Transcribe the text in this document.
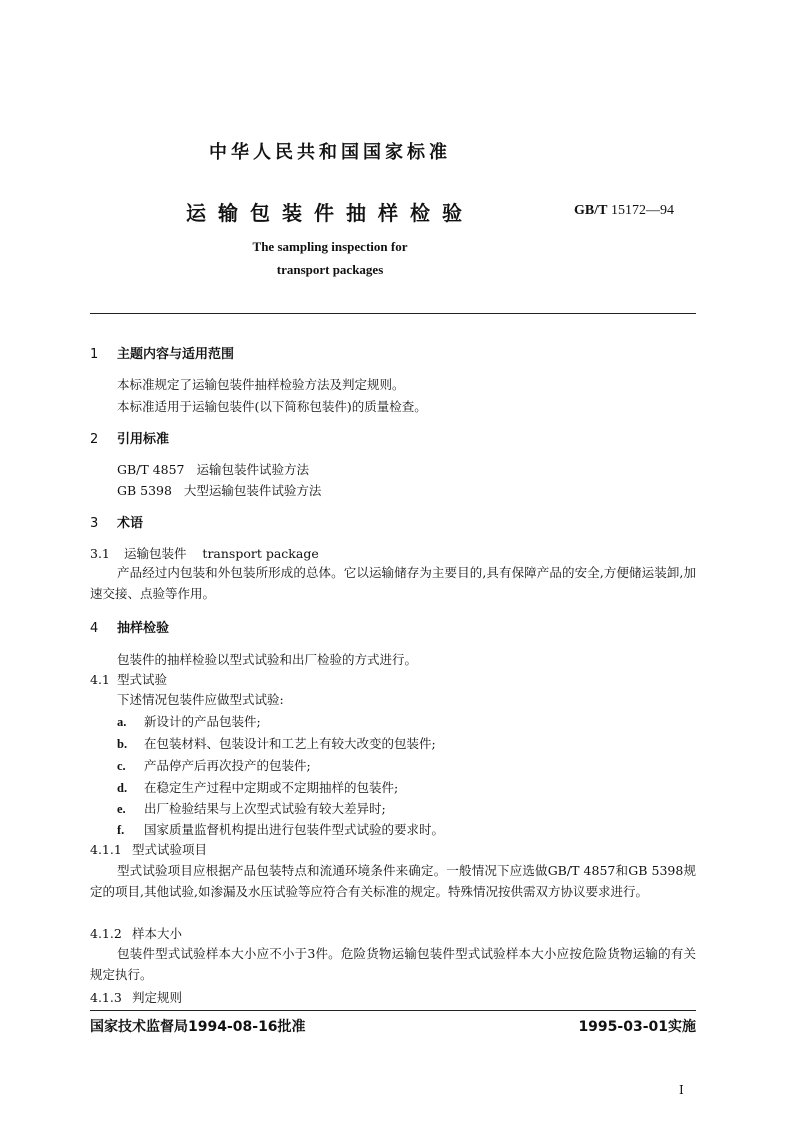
中华人民共和国国家标准
运输包装件抽样检验	GB/T 15172—94
The sampling inspection for
transport packages
1 主题内容与适用范围
本标准规定了运输包装件抽样检验方法及判定规则。
本标准适用于运输包装件(以下简称包装件)的质量检查。
2 引用标准
GB/T 4857 运输包装件试验方法
GB 5398 大型运输包装件试验方法
3 术语
3.1 运输包装件 transport package
产品经过内包装和外包装所形成的总体。它以运输储存为主要目的,具有保障产品的安全,方便储运装卸,加速交接、点验等作用。
4 抽样检验
包装件的抽样检验以型式试验和出厂检验的方式进行。
4.1 型式试验
下述情况包装件应做型式试验:
a. 新设计的产品包装件;
b. 在包装材料、包装设计和工艺上有较大改变的包装件;
c. 产品停产后再次投产的包装件;
d. 在稳定生产过程中定期或不定期抽样的包装件;
e. 出厂检验结果与上次型式试验有较大差异时;
f. 国家质量监督机构提出进行包装件型式试验的要求时。
4.1.1 型式试验项目
型式试验项目应根据产品包装特点和流通环境条件来确定。一般情况下应选做GB/T 4857和GB 5398规定的项目,其他试验,如渗漏及水压试验等应符合有关标准的规定。特殊情况按供需双方协议要求进行。
4.1.2 样本大小
包装件型式试验样本大小应不小于3件。危险货物运输包装件型式试验样本大小应按危险货物运输的有关规定执行。
4.1.3 判定规则
国家技术监督局1994-08-16批准	1995-03-01实施
I
